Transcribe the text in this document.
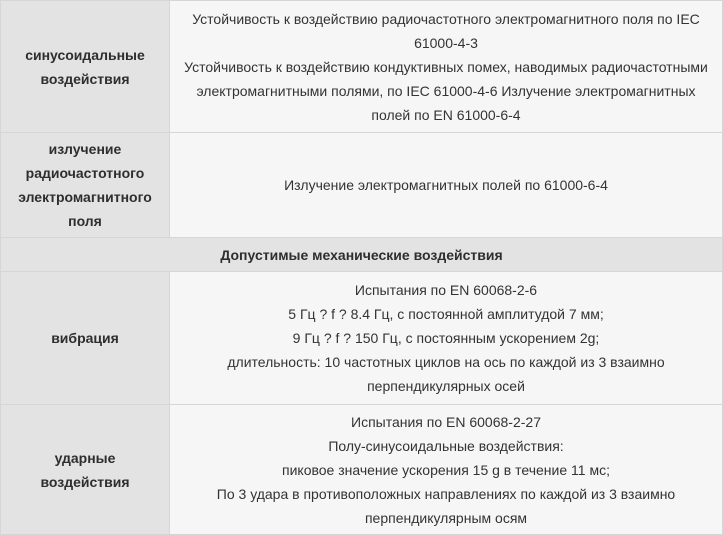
синусоидальные воздействия	Устойчивость к воздействию радиочастотного электромагнитного поля по IEC 61000-4-3
Устойчивость к воздействию кондуктивных помех, наводимых радиочастотными электромагнитными полями, по IEC 61000-4-6 Излучение электромагнитных полей по EN 61000-6-4

излучение радиочастотного электромагнитного поля	Излучение электромагнитных полей по 61000-6-4

Допустимые механические воздействия	
вибрация	Испытания по EN 60068-2-6
5 Гц ? f ? 8.4 Гц, с постоянной амплитудой 7 мм;
9 Гц ? f ? 150 Гц, с постоянным ускорением 2g;
длительность: 10 частотных циклов на ось по каждой из 3 взаимно перпендикулярных осей

ударные воздействия	Испытания по EN 60068-2-27
Полу-синусоидальные воздействия:
пиковое значение ускорения 15 g в течение 11 мс;
По 3 удара в противоположных направлениях по каждой из 3 взаимно перпендикулярным осям
